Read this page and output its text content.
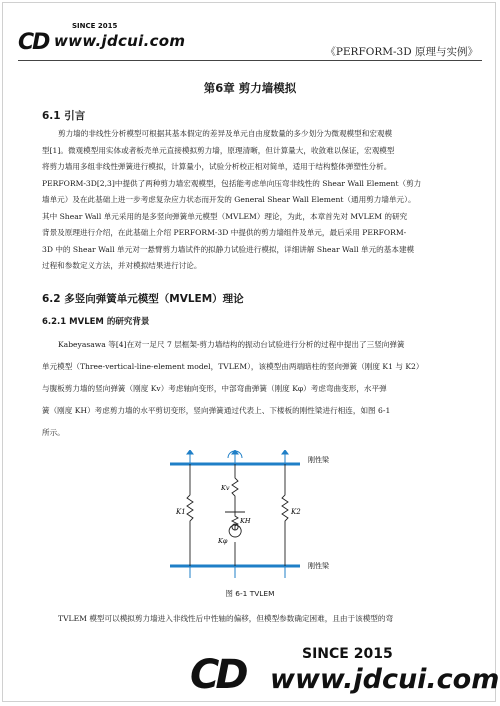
CD
SINCE 2015
www.jdcui.com
《PERFORM-3D 原理与实例》
第6章 剪力墙模拟
6.1 引言
剪力墙的非线性分析模型可根据其基本假定的差异及单元自由度数量的多少划分为微观模型和宏观模
型[1]。微观模型用实体或者板壳单元直接模拟剪力墙，原理清晰，但计算量大，收敛难以保证，宏观模型
将剪力墙用多组非线性弹簧进行模拟，计算量小，试验分析校正相对简单，适用于结构整体弹塑性分析。
PERFORM-3D[2,3]中提供了两种剪力墙宏观模型，包括能考虑单向压弯非线性的 Shear Wall Element（剪力
墙单元）及在此基础上进一步考虑复杂应力状态而开发的 General Shear Wall Element（通用剪力墙单元）。
其中 Shear Wall 单元采用的是多竖向弹簧单元模型（MVLEM）理论，为此，本章首先对 MVLEM 的研究
背景及原理进行介绍，在此基础上介绍 PERFORM-3D 中提供的剪力墙组件及单元，最后采用 PERFORM-
3D 中的 Shear Wall 单元对一悬臂剪力墙试件的拟静力试验进行模拟，详细讲解 Shear Wall 单元的基本建模
过程和参数定义方法，并对模拟结果进行讨论。
6.2 多竖向弹簧单元模型（MVLEM）理论
6.2.1 MVLEM 的研究背景
Kabeyasawa 等[4]在对一足尺 7 层框架-剪力墙结构的振动台试验进行分析的过程中提出了三竖向弹簧
单元模型（Three-vertical-line-element model，TVLEM），该模型由两端暗柱的竖向弹簧（刚度 K1 与 K2）
与腹板剪力墙的竖向弹簧（刚度 Kv）考虑轴向变形，中部弯曲弹簧（刚度 Kφ）考虑弯曲变形，水平弹
簧（刚度 KH）考虑剪力墙的水平剪切变形，竖向弹簧通过代表上、下楼板的刚性梁进行相连，如图 6-1
所示。
K1	K2
Kv
KH
Kφ
刚性梁
刚性梁
图 6-1 TVLEM
TVLEM 模型可以模拟剪力墙进入非线性后中性轴的偏移，但模型参数确定困难，且由于该模型的弯
CD	SINCE 2015
www.jdcui.com
